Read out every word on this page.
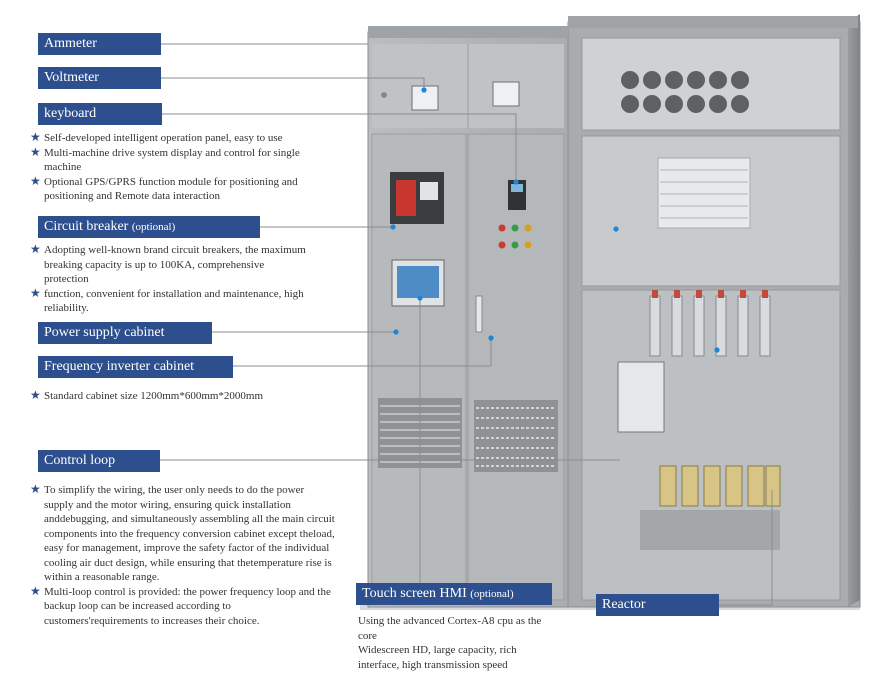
Ammeter
Voltmeter
keyboard
★ Self-developed intelligent operation panel, easy to use
★ Multi-machine drive system display and control for single machine
★ Optional GPS/GPRS function module for positioning and positioning and Remote data interaction
Circuit breaker (optional)
★ Adopting well-known brand circuit breakers, the maximum breaking capacity is up to 100KA, comprehensive protection
★ function, convenient for installation and maintenance, high reliability.
Power supply cabinet
Frequency inverter cabinet
★ Standard cabinet size 1200mm*600mm*2000mm
Control loop
★ To simplify the wiring, the user only needs to do the power supply and the motor wiring, ensuring quick installation anddebugging, and simultaneously assembling all the main circuit components into the frequency conversion cabinet except theload, easy for management, improve the safety factor of the individual cooling air duct design, while ensuring that thetemperature rise is within a reasonable range.
★ Multi-loop control is provided: the power frequency loop and the backup loop can be increased according to customers'requirements to increases their choice.
Touch screen HMI (optional)
Using the advanced Cortex-A8 cpu as the core
Widescreen HD, large capacity, rich interface, high transmission speed
Reactor
